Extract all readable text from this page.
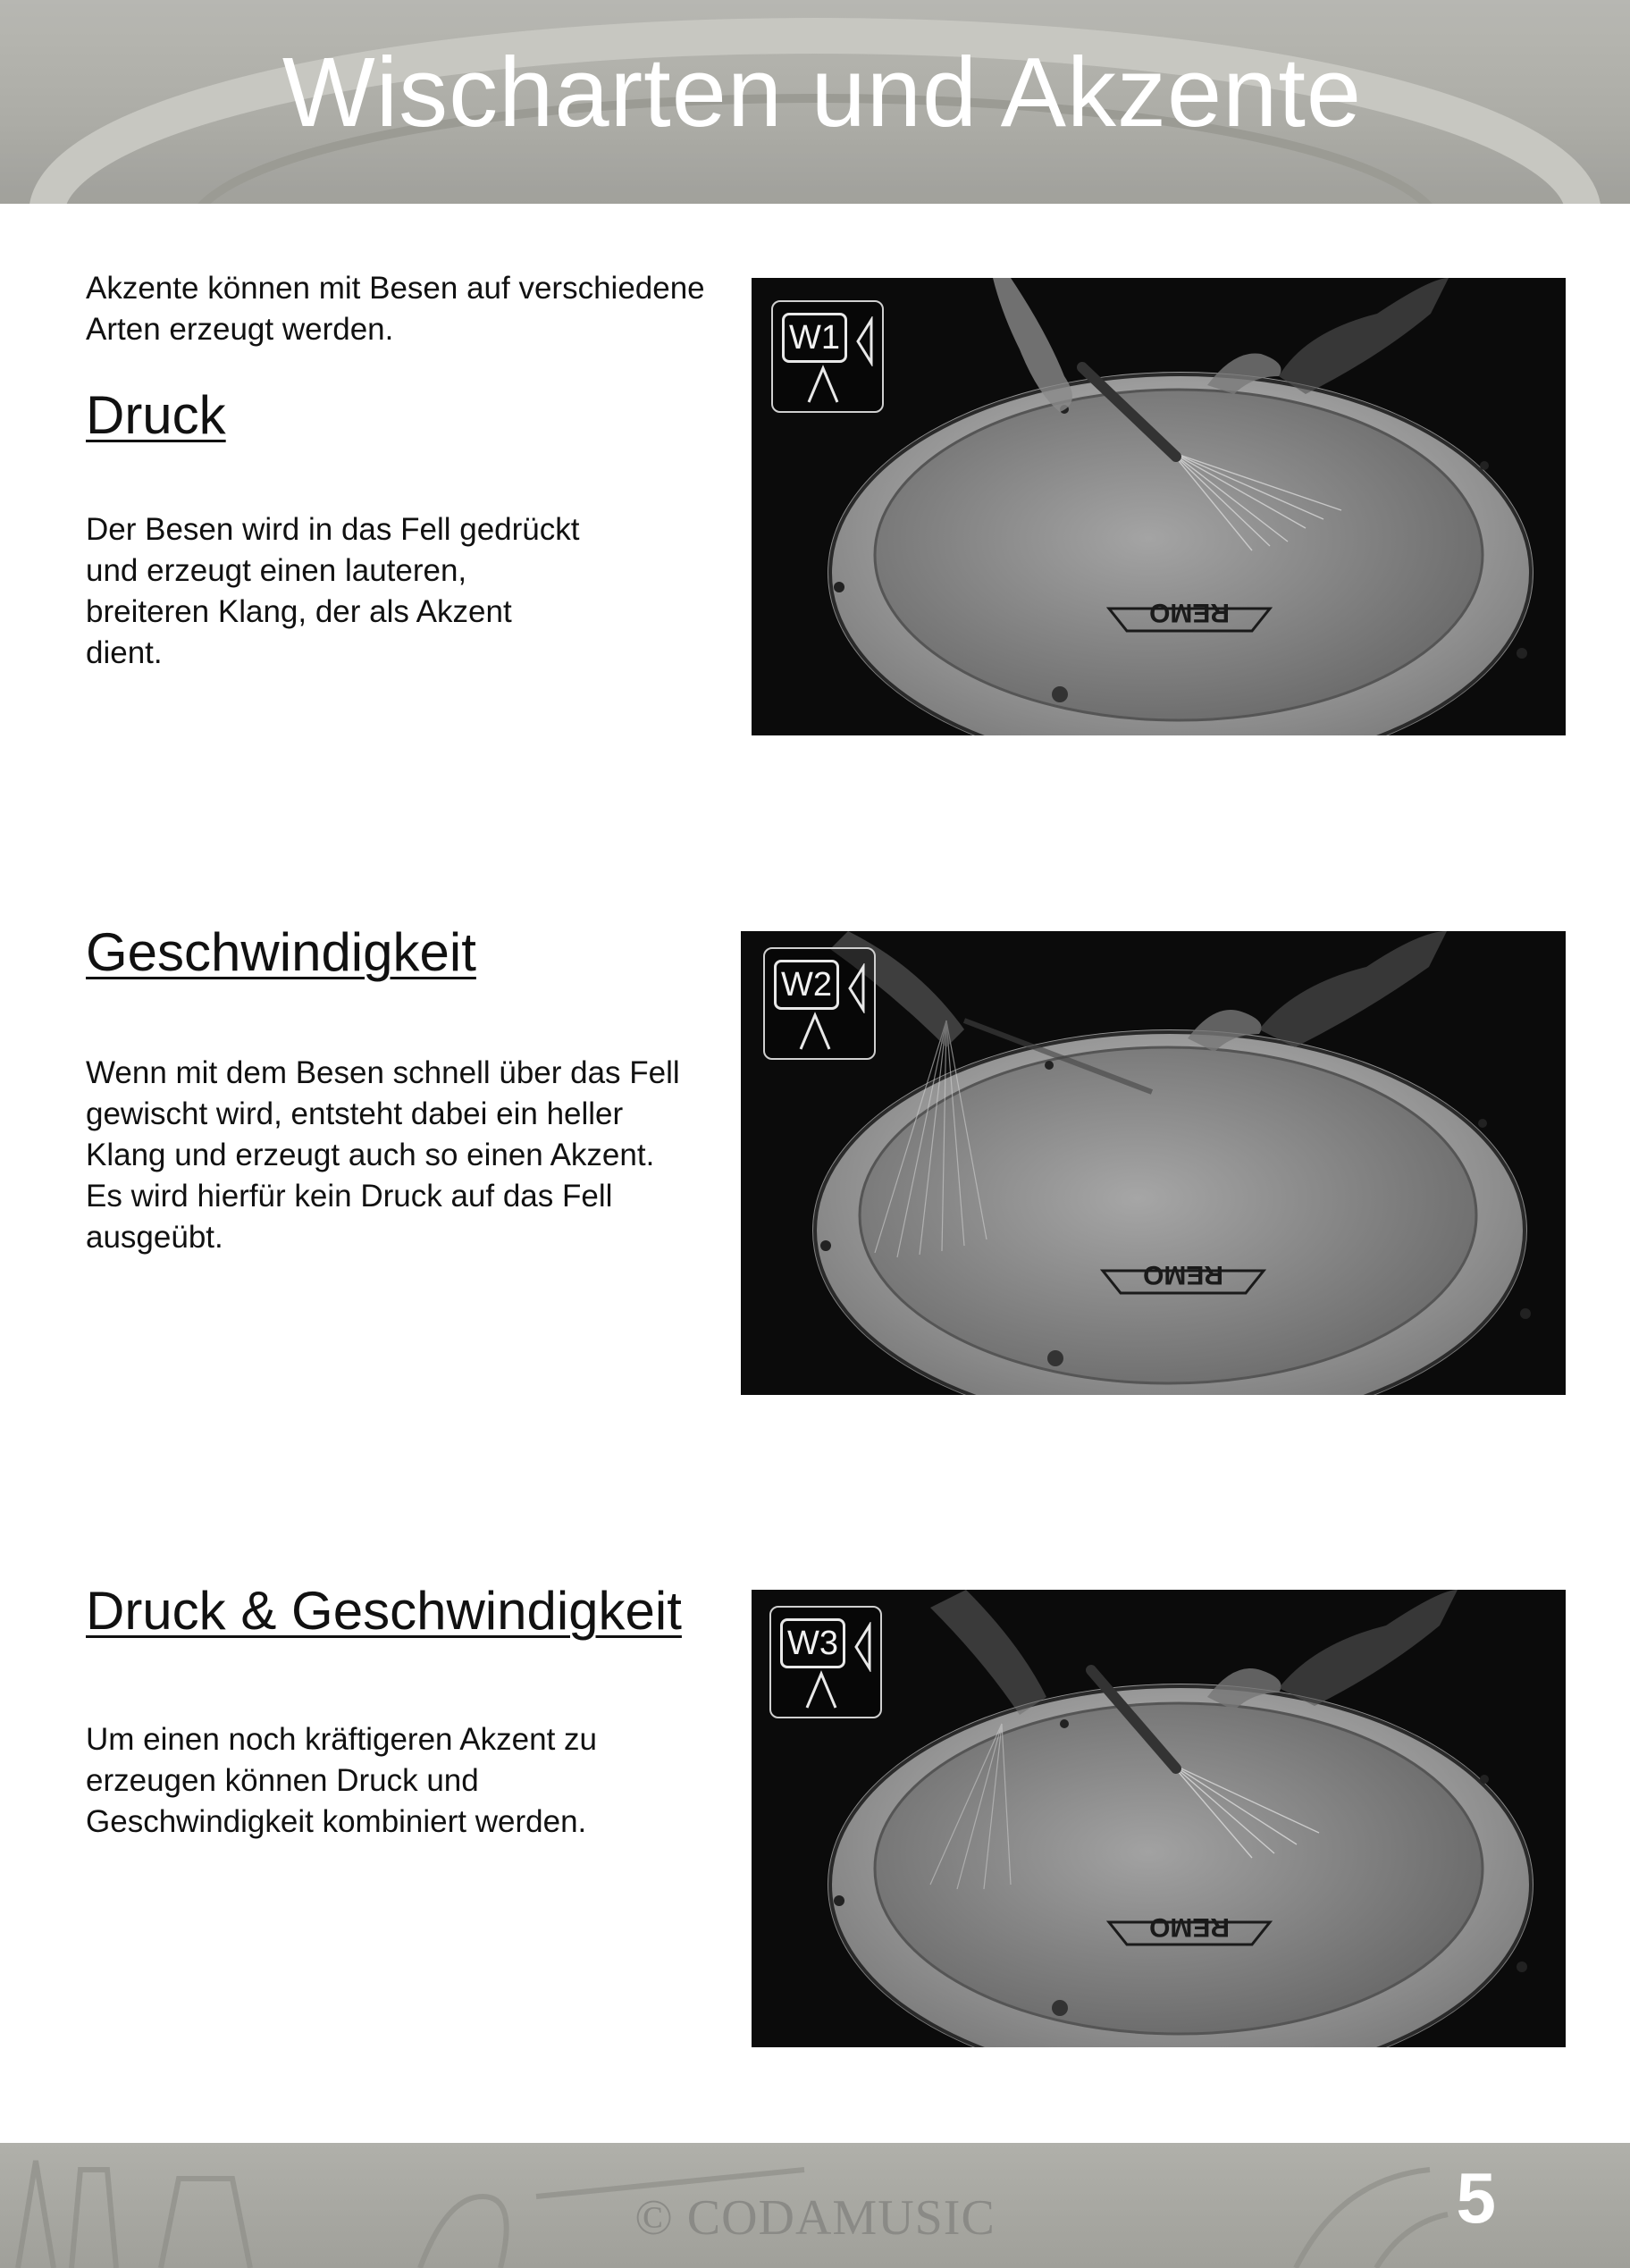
Wischarten und Akzente
Akzente können mit Besen auf verschiedene Arten erzeugt werden.
Druck
Der Besen wird in das Fell gedrückt und erzeugt einen lauteren, breiteren Klang, der als Akzent dient.
REMO
W1
Geschwindigkeit
Wenn mit dem Besen schnell über das Fell gewischt wird, entsteht dabei ein heller Klang und erzeugt auch so einen Akzent.
Es wird hierfür kein Druck auf das Fell ausgeübt.
REMO
W2
Druck & Geschwindigkeit
Um einen noch kräftigeren Akzent zu erzeugen können Druck und Geschwindigkeit kombiniert werden.
REMO
W3
© CODAMUSIC	5
